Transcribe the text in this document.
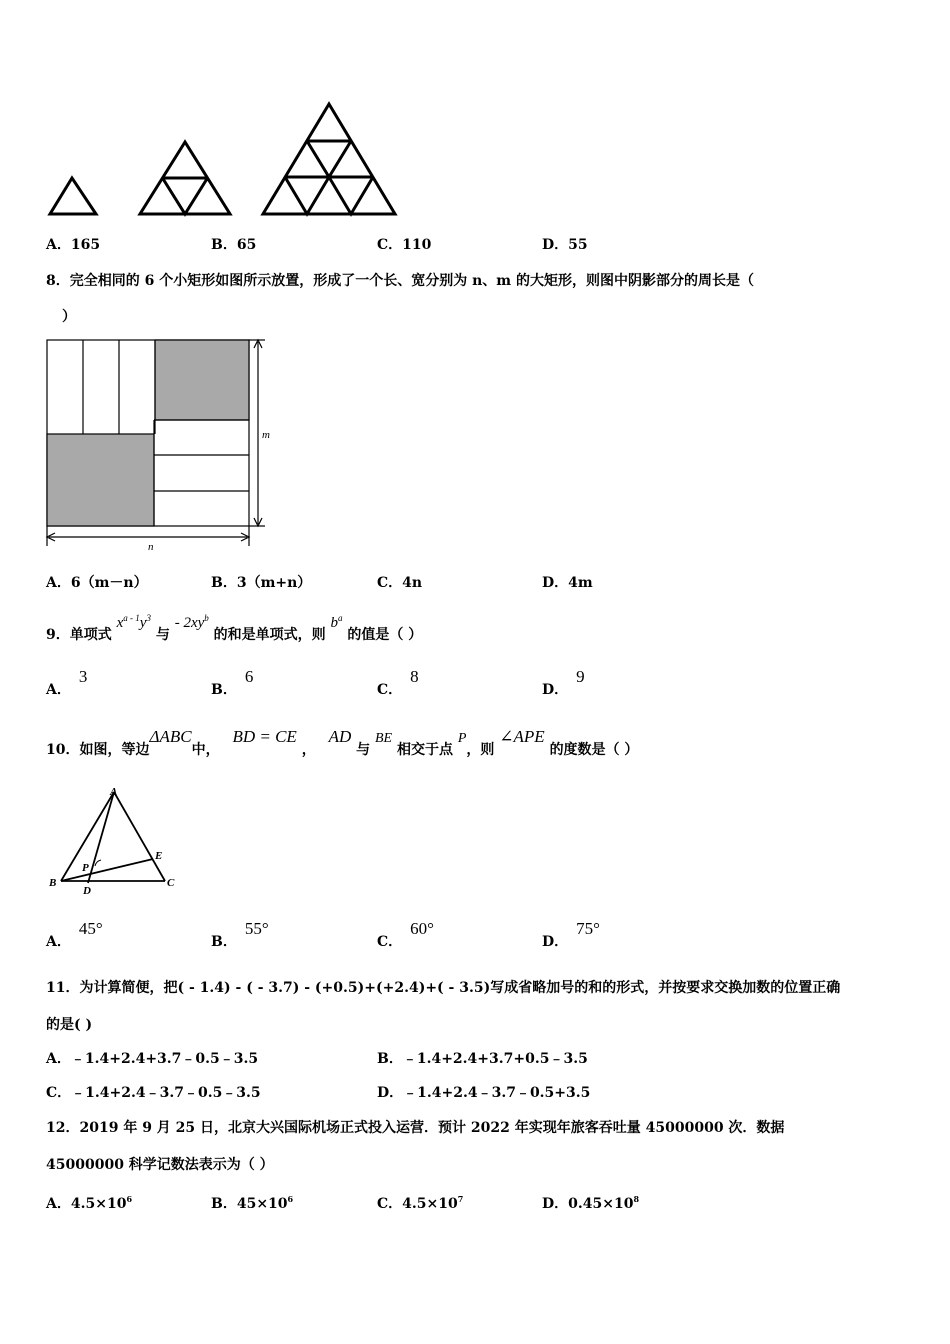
A．165	B．65	C．110	D．55
8．完全相同的 6 个小矩形如图所示放置，形成了一个长、宽分别为 n、m 的大矩形，则图中阴影部分的周长是（
）
m
n
A．6（m－n）	B．3（m+n）	C．4n	D．4m
9．单项式 $x^{a - 1}y^3$ 与 - $2xy^b$ 的和是单项式，则 $b^a$ 的值是（ ）
A．3
B．6
C．8
D．9
10．如图，等边ΔABC中， BD = CE ， AD 与 BE 相交于点 P，则 ∠APE 的度数是（ ）
A
B	C
D
E
P
A．45°
B．55°
C．60°
D．75°
11．为计算简便，把( - 1.4) - ( - 3.7) - (+0.5)+(+2.4)+( - 3.5)写成省略加号的和的形式，并按要求交换加数的位置正确
的是( )
A．﹣1.4+2.4+3.7﹣0.5﹣3.5	B．﹣1.4+2.4+3.7+0.5﹣3.5
C．﹣1.4+2.4﹣3.7﹣0.5﹣3.5	D．﹣1.4+2.4﹣3.7﹣0.5+3.5
12．2019 年 9 月 25 日，北京大兴国际机场正式投入运营．预计 2022 年实现年旅客吞吐量 45000000 次．数据
45000000 科学记数法表示为（ ）
A．$4.5\times 10^6$	B．$45\times 10^6$	C．$4.5\times 10^7$	D．$0.45\times 10^8$
